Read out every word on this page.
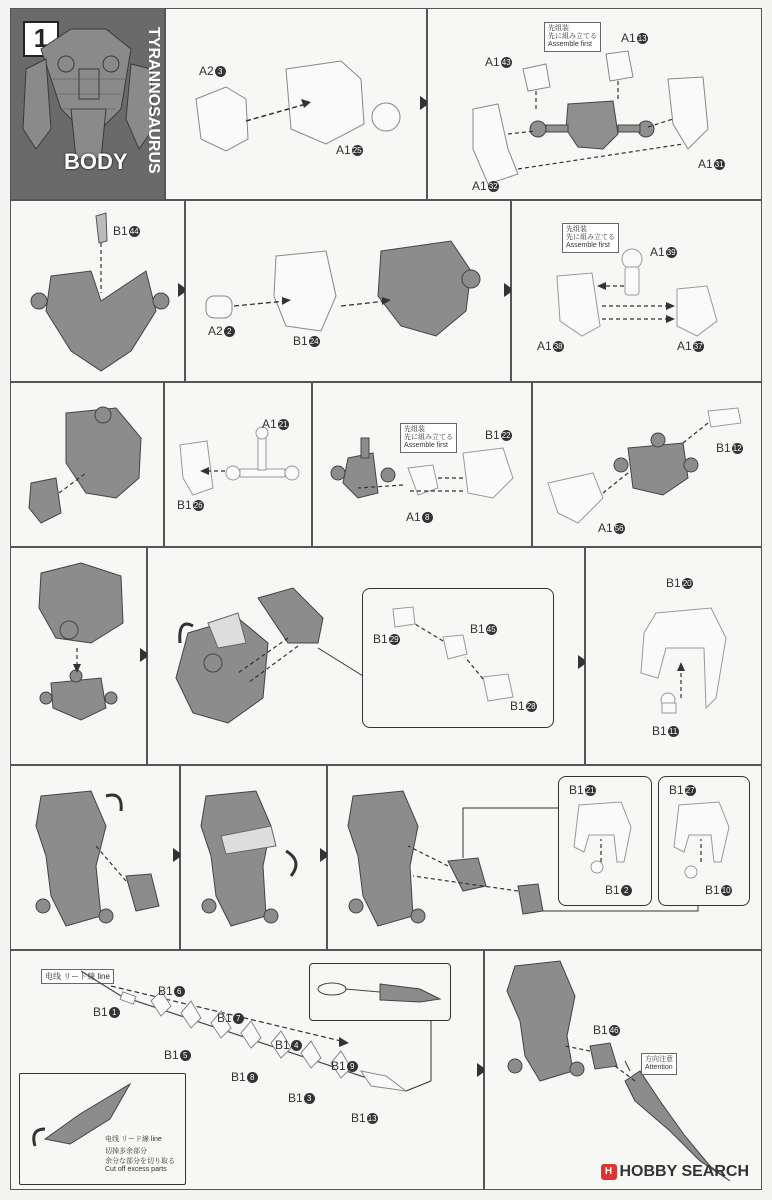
1	TYRANNOSAURUS
BODY
A2 3
A1 25
先组装
先に組み立てる
Assemble first
A1 43
A1 13
A1 32
A1 31
B1 44
A2 2
B1 24
先组装
先に組み立てる
Assemble first	A1 39
A1 38	A1 37
A1 21
B1 26
先组装
先に組み立てる
Assemble first
B1 22
A1 8
B1 12
A1 56
B1 29
B1 45
B1 28
B1 20
B1 11
B1 21
B1 2
B1 27
B1 10
电线 リード線 line
B1 1
B1 6
B1 5
B1 7
B1 8
B1 4
B1 3
B1 9
B1 13
电线 リード線 line
切掉多余部分
余分な部分を切り取る
Cut off excess parts
B1 46
方向注意
Attention
H HOBBY SEARCH
